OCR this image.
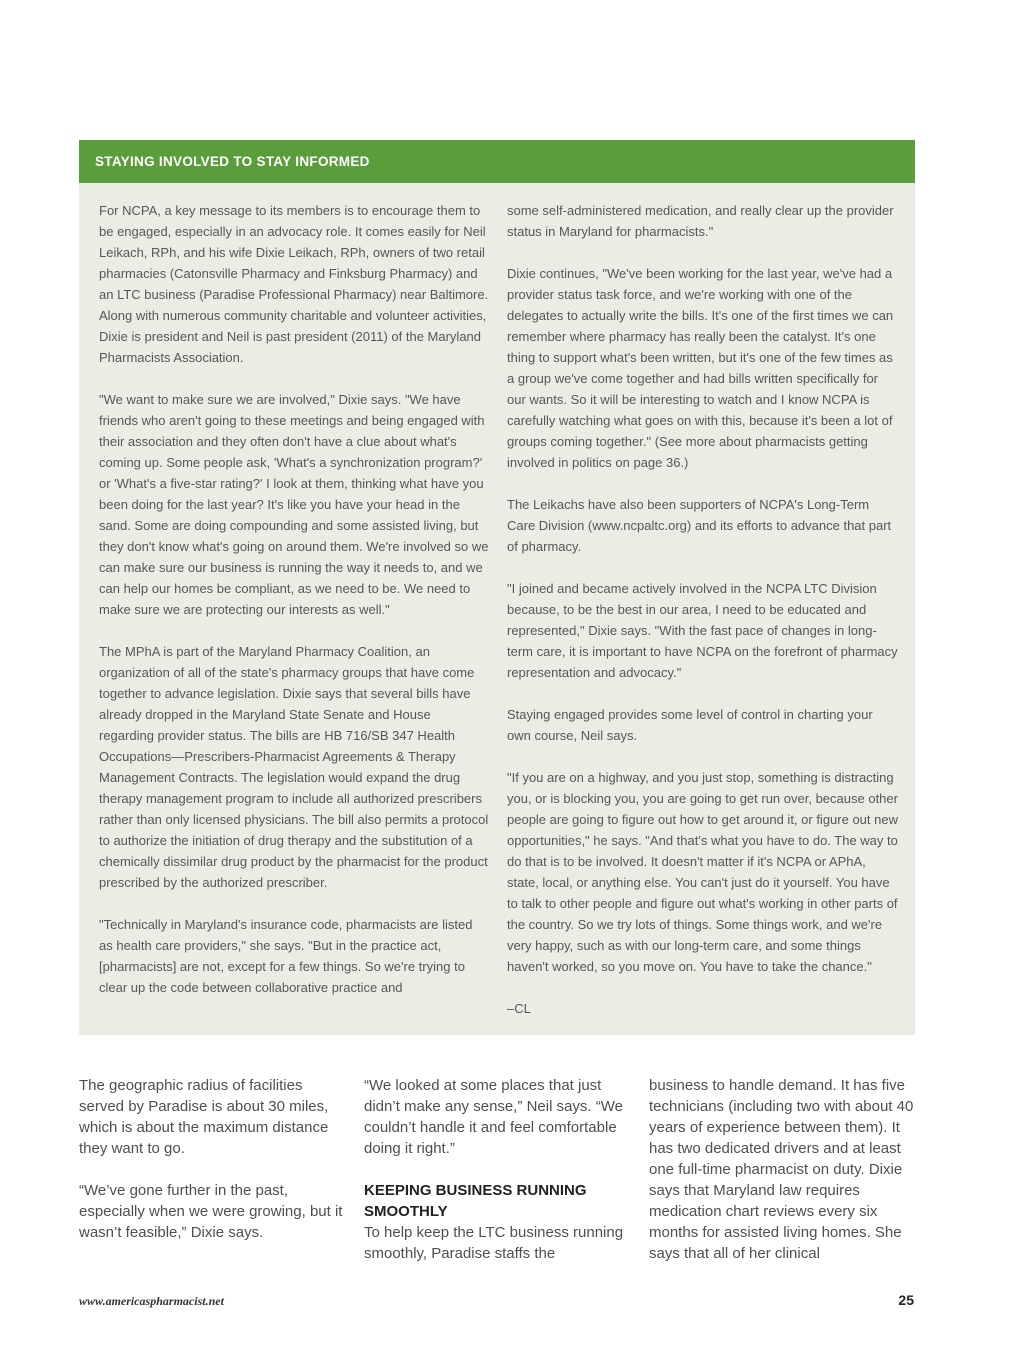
STAYING INVOLVED TO STAY INFORMED

For NCPA, a key message to its members is to encourage them to be engaged, especially in an advocacy role. It comes easily for Neil Leikach, RPh, and his wife Dixie Leikach, RPh, owners of two retail pharmacies (Catonsville Pharmacy and Finksburg Pharmacy) and an LTC business (Paradise Professional Pharmacy) near Baltimore. Along with numerous community charitable and volunteer activities, Dixie is president and Neil is past president (2011) of the Maryland Pharmacists Association.

"We want to make sure we are involved," Dixie says. "We have friends who aren't going to these meetings and being engaged with their association and they often don't have a clue about what's coming up. Some people ask, 'What's a synchronization program?' or 'What's a five-star rating?' I look at them, thinking what have you been doing for the last year? It's like you have your head in the sand. Some are doing compounding and some assisted living, but they don't know what's going on around them. We're involved so we can make sure our business is running the way it needs to, and we can help our homes be compliant, as we need to be. We need to make sure we are protecting our interests as well."

The MPhA is part of the Maryland Pharmacy Coalition, an organization of all of the state's pharmacy groups that have come together to advance legislation. Dixie says that several bills have already dropped in the Maryland State Senate and House regarding provider status. The bills are HB 716/SB 347 Health Occupations—Prescribers-Pharmacist Agreements & Therapy Management Contracts. The legislation would expand the drug therapy management program to include all authorized prescribers rather than only licensed physicians. The bill also permits a protocol to authorize the initiation of drug therapy and the substitution of a chemically dissimilar drug product by the pharmacist for the product prescribed by the authorized prescriber.

"Technically in Maryland's insurance code, pharmacists are listed as health care providers," she says. "But in the practice act, [pharmacists] are not, except for a few things. So we're trying to clear up the code between collaborative practice and

some self-administered medication, and really clear up the provider status in Maryland for pharmacists."

Dixie continues, "We've been working for the last year, we've had a provider status task force, and we're working with one of the delegates to actually write the bills. It's one of the first times we can remember where pharmacy has really been the catalyst. It's one thing to support what's been written, but it's one of the few times as a group we've come together and had bills written specifically for our wants. So it will be interesting to watch and I know NCPA is carefully watching what goes on with this, because it's been a lot of groups coming together." (See more about pharmacists getting involved in politics on page 36.)

The Leikachs have also been supporters of NCPA's Long-Term Care Division (www.ncpaltc.org) and its efforts to advance that part of pharmacy.

"I joined and became actively involved in the NCPA LTC Division because, to be the best in our area, I need to be educated and represented," Dixie says. "With the fast pace of changes in long-term care, it is important to have NCPA on the forefront of pharmacy representation and advocacy."

Staying engaged provides some level of control in charting your own course, Neil says.

"If you are on a highway, and you just stop, something is distracting you, or is blocking you, you are going to get run over, because other people are going to figure out how to get around it, or figure out new opportunities," he says. "And that's what you have to do. The way to do that is to be involved. It doesn't matter if it's NCPA or APhA, state, local, or anything else. You can't just do it yourself. You have to talk to other people and figure out what's working in other parts of the country. So we try lots of things. Some things work, and we're very happy, such as with our long-term care, and some things haven't worked, so you move on. You have to take the chance."

–CL

The geographic radius of facilities served by Paradise is about 30 miles, which is about the maximum distance they want to go.

“We’ve gone further in the past, especially when we were growing, but it wasn’t feasible,” Dixie says.

“We looked at some places that just didn’t make any sense,” Neil says. “We couldn’t handle it and feel comfortable doing it right.”

KEEPING BUSINESS RUNNING SMOOTHLY

To help keep the LTC business running smoothly, Paradise staffs the

business to handle demand. It has five technicians (including two with about 40 years of experience between them). It has two dedicated drivers and at least one full-time pharmacist on duty. Dixie says that Maryland law requires medication chart reviews every six months for assisted living homes. She says that all of her clinical

www.americaspharmacist.net	25
